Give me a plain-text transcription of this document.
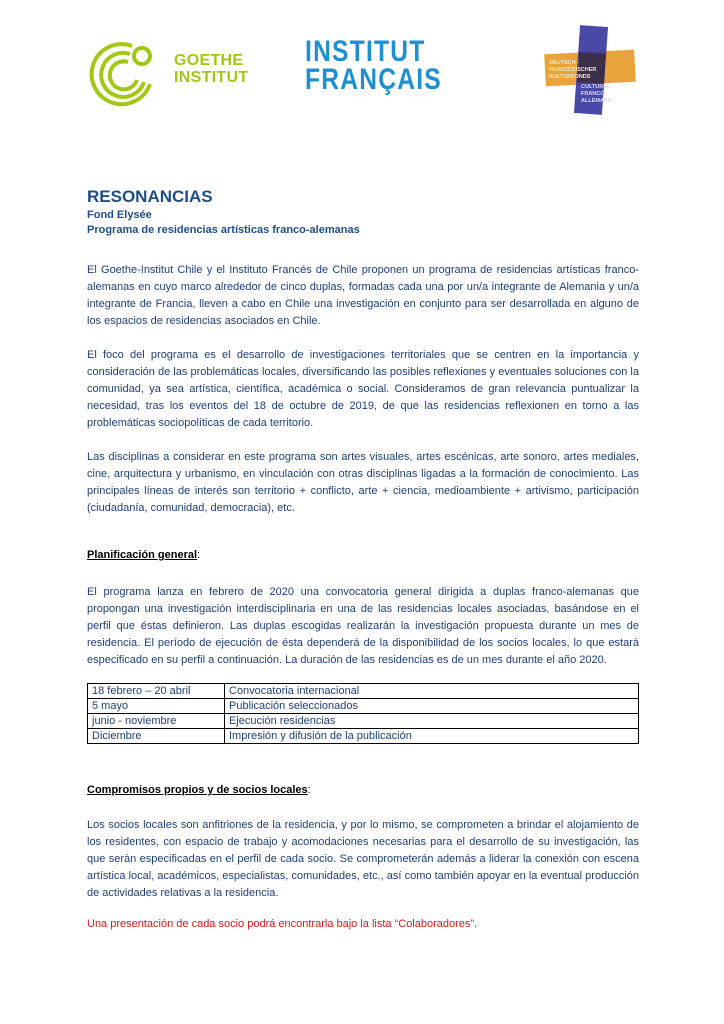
GOETHE
INSTITUT
INSTITUT
FRANÇAIS	DEUTSCH -
FRANZÖSISCHER
KULTURFONDS
CULTUREL
FRANCO -
ALLEMAND
RESONANCIAS
Fond Elysée
Programa de residencias artísticas franco-alemanas

El Goethe-Institut Chile y el Instituto Francés de Chile proponen un programa de residencias artísticas franco-alemanas en cuyo marco alrededor de cinco duplas, formadas cada una por un/a integrante de Alemania y un/a integrante de Francia, lleven a cabo en Chile una investigación en conjunto para ser desarrollada en alguno de los espacios de residencias asociados en Chile.

El foco del programa es el desarrollo de investigaciones territoriales que se centren en la importancia y consideración de las problemáticas locales, diversificando las posibles reflexiones y eventuales soluciones con la comunidad, ya sea artística, científica, académica o social. Consideramos de gran relevancia puntualizar la necesidad, tras los eventos del 18 de octubre de 2019, de que las residencias reflexionen en torno a las problemáticas sociopolíticas de cada territorio.

Las disciplinas a considerar en este programa son artes visuales, artes escénicas, arte sonoro, artes mediales, cine, arquitectura y urbanismo, en vinculación con otras disciplinas ligadas a la formación de conocimiento. Las principales líneas de interés son territorio + conflicto, arte + ciencia, medioambiente + artivismo, participación (ciudadanía, comunidad, democracia), etc.

Planificación general:

El programa lanza en febrero de 2020 una convocatoria general dirigida a duplas franco-alemanas que propongan una investigación interdisciplinaria en una de las residencias locales asociadas, basándose en el perfil que éstas definieron. Las duplas escogidas realizarán la investigación propuesta durante un mes de residencia. El período de ejecución de ésta dependerá de la disponibilidad de los socios locales, lo que estará especificado en su perfil a continuación. La duración de las residencias es de un mes durante el año 2020.

18 febrero – 20 abril	Convocatoria internacional
5 mayo	Publicación seleccionados
junio - noviembre	Ejecución residencias
Diciembre	Impresión y difusión de la publicación
Compromisos propios y de socios locales:

Los socios locales son anfitriones de la residencia, y por lo mismo, se comprometen a brindar el alojamiento de los residentes, con espacio de trabajo y acomodaciones necesarias para el desarrollo de su investigación, las que serán especificadas en el perfil de cada socio. Se comprometerán además a liderar la conexión con escena artística local, académicos, especialistas, comunidades, etc., así como también apoyar en la eventual producción de actividades relativas a la residencia.

Una presentación de cada socio podrá encontrarla bajo la lista “Colaboradores”.
